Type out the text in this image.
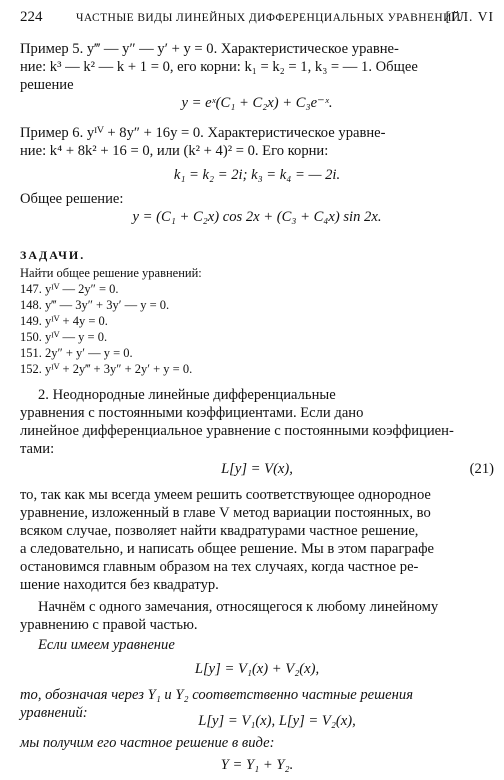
224	ЧАСТНЫЕ ВИДЫ ЛИНЕЙНЫХ ДИФФЕРЕНЦИАЛЬНЫХ УРАВНЕНИЙ
[ГЛ. VI
Пример 5. y‴ — y″ — y′ + y = 0. Характеристическое уравне-
ние: k³ — k² — k + 1 = 0, его корни: k₁ = k₂ = 1, k₃ = — 1. Общее
решение
y = eˣ(C₁ + C₂x) + C₃e⁻ˣ.
Пример 6. yᴵⱽ + 8y″ + 16y = 0. Характеристическое уравне-
ние: k⁴ + 8k² + 16 = 0, или (k² + 4)² = 0. Его корни:
k₁ = k₂ = 2i; k₃ = k₄ = — 2i.
Общее решение:
y = (C₁ + C₂x) cos 2x + (C₃ + C₄x) sin 2x.
ЗАДАЧИ.
Найти общее решение уравнений:
147. yᴵⱽ — 2y″ = 0.
148. y‴ — 3y″ + 3y′ — y = 0.
149. yᴵⱽ + 4y = 0.
150. yᴵⱽ — y = 0.
151. 2y″ + y′ — y = 0.
152. yᴵⱽ + 2y‴ + 3y″ + 2y′ + y = 0.
2. Неоднородные линейные дифференциальные
уравнения с постоянными коэффициентами. Если дано
линейное дифференциальное уравнение с постоянными коэффициен-
тами:
L[y] = V(x),	(21)
то, так как мы всегда умеем решить соответствующее однородное
уравнение, изложенный в главе V метод вариации постоянных, во
всяком случае, позволяет найти квадратурами частное решение,
а следовательно, и написать общее решение. Мы в этом параграфе
остановимся главным образом на тех случаях, когда частное ре-
шение находится без квадратур.
Начнём с одного замечания, относящегося к любому линейному
уравнению с правой частью.
Если имеем уравнение
L[y] = V₁(x) + V₂(x),
то, обозначая через Y₁ и Y₂ соответственно частные решения
уравнений:	L[y] = V₁(x), L[y] = V₂(x),
мы получим его частное решение в виде:
Y = Y₁ + Y₂.
